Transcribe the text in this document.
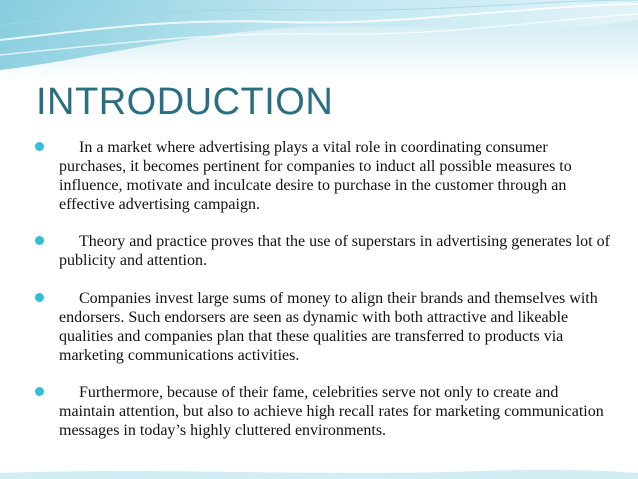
INTRODUCTION
In a market where advertising plays a vital role in coordinating consumer purchases, it becomes pertinent for companies to induct all possible measures to influence, motivate and inculcate desire to purchase in the customer through an effective advertising campaign.
Theory and practice proves that the use of superstars in advertising generates lot of publicity and attention.
Companies invest large sums of money to align their brands and themselves with endorsers. Such endorsers are seen as dynamic with both attractive and likeable qualities and companies plan that these qualities are transferred to products via marketing communications activities.
Furthermore, because of their fame, celebrities serve not only to create and maintain attention, but also to achieve high recall rates for marketing communication messages in today’s highly cluttered environments.
